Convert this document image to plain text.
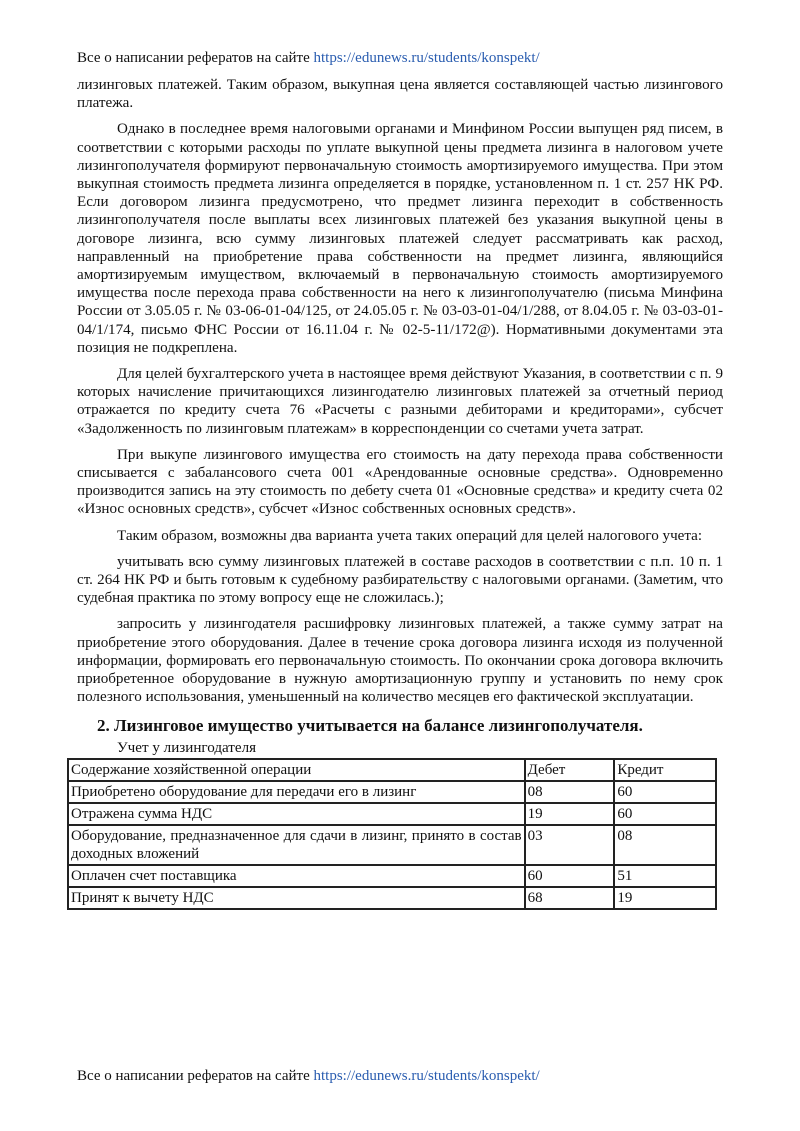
Все о написании рефератов на сайте https://edunews.ru/students/konspekt/

лизинговых платежей. Таким образом, выкупная цена является составляющей частью лизингового платежа.

Однако в последнее время налоговыми органами и Минфином России выпущен ряд писем, в соответствии с которыми расходы по уплате выкупной цены предмета лизинга в налоговом учете лизингополучателя формируют первоначальную стоимость амортизируемого имущества. При этом выкупная стоимость предмета лизинга определяется в порядке, установленном п. 1 ст. 257 НК РФ. Если договором лизинга предусмотрено, что предмет лизинга переходит в собственность лизингополучателя после выплаты всех лизинговых платежей без указания выкупной цены в договоре лизинга, всю сумму лизинговых платежей следует рассматривать как расход, направленный на приобретение права собственности на предмет лизинга, являющийся амортизируемым имуществом, включаемый в первоначальную стоимость амортизируемого имущества после перехода права собственности на него к лизингополучателю (письма Минфина России от 3.05.05 г. № 03-06-01-04/125, от 24.05.05 г. № 03-03-01-04/1/288, от 8.04.05 г. № 03-03-01-04/1/174, письмо ФНС России от 16.11.04 г. № 02-5-11/172@). Нормативными документами эта позиция не подкреплена.

Для целей бухгалтерского учета в настоящее время действуют Указания, в соответствии с п. 9 которых начисление причитающихся лизингодателю лизинговых платежей за отчетный период отражается по кредиту счета 76 «Расчеты с разными дебиторами и кредиторами», субсчет «Задолженность по лизинговым платежам» в корреспонденции со счетами учета затрат.

При выкупе лизингового имущества его стоимость на дату перехода права собственности списывается с забалансового счета 001 «Арендованные основные средства». Одновременно производится запись на эту стоимость по дебету счета 01 «Основные средства» и кредиту счета 02 «Износ основных средств», субсчет «Износ собственных основных средств».

Таким образом, возможны два варианта учета таких операций для целей налогового учета:

учитывать всю сумму лизинговых платежей в составе расходов в соответствии с п.п. 10 п. 1 ст. 264 НК РФ и быть готовым к судебному разбирательству с налоговыми органами. (Заметим, что судебная практика по этому вопросу еще не сложилась.);

запросить у лизингодателя расшифровку лизинговых платежей, а также сумму затрат на приобретение этого оборудования. Далее в течение срока договора лизинга исходя из полученной информации, формировать его первоначальную стоимость. По окончании срока договора включить приобретенное оборудование в нужную амортизационную группу и установить по нему срок полезного использования, уменьшенный на количество месяцев его фактической эксплуатации.

2. Лизинговое имущество учитывается на балансе лизингополучателя.

Учет у лизингодателя

Содержание хозяйственной операции	Дебет	Кредит
Приобретено оборудование для передачи его в лизинг	08	60
Отражена сумма НДС	19	60
Оборудование, предназначенное для сдачи в лизинг, принято в состав доходных вложений	03	08
Оплачен счет поставщика	60	51
Принят к вычету НДС	68	19
Все о написании рефератов на сайте https://edunews.ru/students/konspekt/
